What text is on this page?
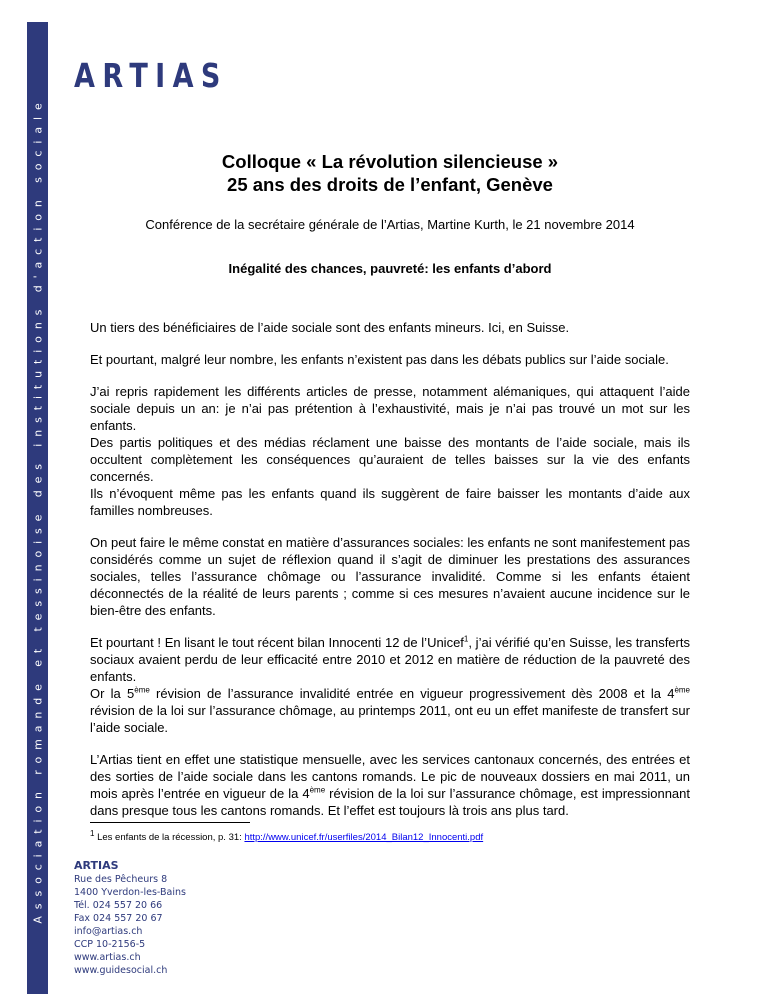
Association romande et tessinoise des institutions d'action sociale
ARTIAS
Colloque « La révolution silencieuse »
25 ans des droits de l’enfant, Genève
Conférence de la secrétaire générale de l’Artias, Martine Kurth, le 21 novembre 2014
Inégalité des chances, pauvreté: les enfants d’abord

Un tiers des bénéficiaires de l’aide sociale sont des enfants mineurs. Ici, en Suisse.

Et pourtant, malgré leur nombre, les enfants n’existent pas dans les débats publics sur l’aide sociale.

J’ai repris rapidement les différents articles de presse, notamment alémaniques, qui attaquent l’aide sociale depuis un an: je n’ai pas prétention à l’exhaustivité, mais je n’ai pas trouvé un mot sur les enfants.

Des partis politiques et des médias réclament une baisse des montants de l’aide sociale, mais ils occultent complètement les conséquences qu’auraient de telles baisses sur la vie des enfants concernés.

Ils n’évoquent même pas les enfants quand ils suggèrent de faire baisser les montants d’aide aux familles nombreuses.

On peut faire le même constat en matière d’assurances sociales: les enfants ne sont manifestement pas considérés comme un sujet de réflexion quand il s’agit de diminuer les prestations des assurances sociales, telles l’assurance chômage ou l’assurance invalidité. Comme si les enfants étaient déconnectés de la réalité de leurs parents ; comme si ces mesures n’avaient aucune incidence sur le bien-être des enfants.

Et pourtant ! En lisant le tout récent bilan Innocenti 12 de l’Unicef$^1$, j’ai vérifié qu’en Suisse, les transferts sociaux avaient perdu de leur efficacité entre 2010 et 2012 en matière de réduction de la pauvreté des enfants.

Or la 5ème révision de l’assurance invalidité entrée en vigueur progressivement dès 2008 et la 4ème révision de la loi sur l’assurance chômage, au printemps 2011, ont eu un effet manifeste de transfert sur l’aide sociale.

L’Artias tient en effet une statistique mensuelle, avec les services cantonaux concernés, des entrées et des sorties de l’aide sociale dans les cantons romands. Le pic de nouveaux dossiers en mai 2011, un mois après l’entrée en vigueur de la 4ème révision de la loi sur l’assurance chômage, est impressionnant dans presque tous les cantons romands. Et l’effet est toujours là trois ans plus tard.

$^1$ Les enfants de la récession, p. 31: http://www.unicef.fr/userfiles/2014_Bilan12_Innocenti.pdf
ARTIAS
Rue des Pêcheurs 8
1400 Yverdon-les-Bains
Tél. 024 557 20 66
Fax 024 557 20 67
info@artias.ch
CCP 10-2156-5
www.artias.ch
www.guidesocial.ch
